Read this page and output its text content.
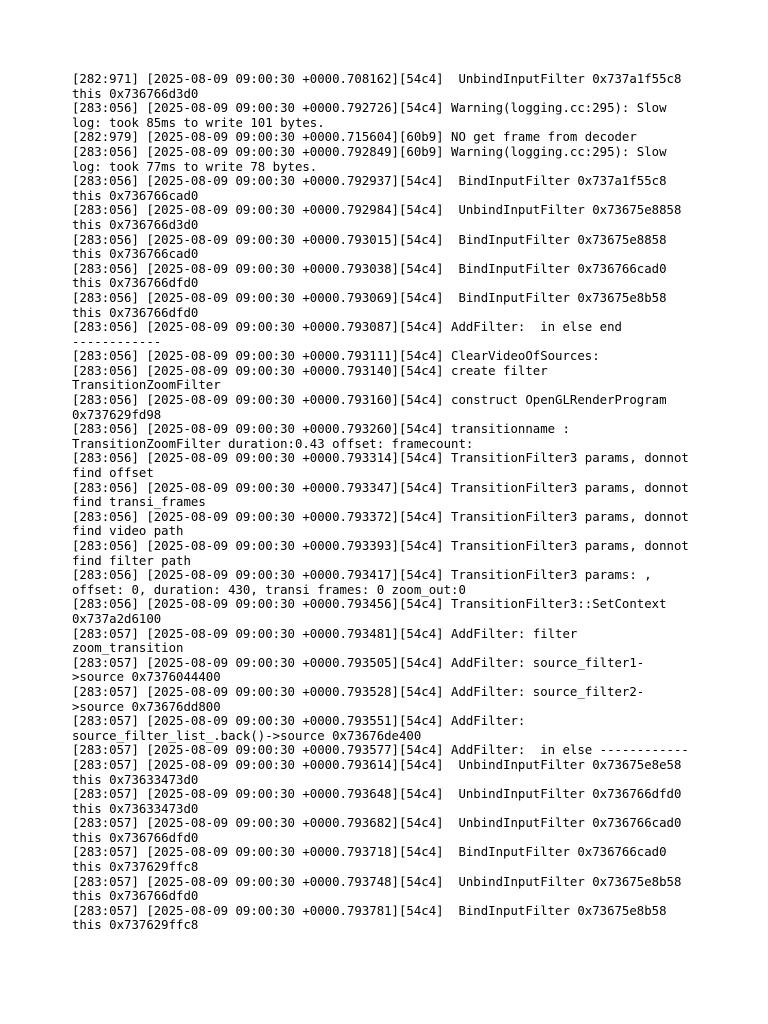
[282:971] [2025-08-09 09:00:30 +0000.708162][54c4]  UnbindInputFilter 0x737a1f55c8
this 0x736766d3d0
[283:056] [2025-08-09 09:00:30 +0000.792726][54c4] Warning(logging.cc:295): Slow
log: took 85ms to write 101 bytes.
[282:979] [2025-08-09 09:00:30 +0000.715604][60b9] NO get frame from decoder
[283:056] [2025-08-09 09:00:30 +0000.792849][60b9] Warning(logging.cc:295): Slow
log: took 77ms to write 78 bytes.
[283:056] [2025-08-09 09:00:30 +0000.792937][54c4]  BindInputFilter 0x737a1f55c8
this 0x736766cad0
[283:056] [2025-08-09 09:00:30 +0000.792984][54c4]  UnbindInputFilter 0x73675e8858
this 0x736766d3d0
[283:056] [2025-08-09 09:00:30 +0000.793015][54c4]  BindInputFilter 0x73675e8858
this 0x736766cad0
[283:056] [2025-08-09 09:00:30 +0000.793038][54c4]  BindInputFilter 0x736766cad0
this 0x736766dfd0
[283:056] [2025-08-09 09:00:30 +0000.793069][54c4]  BindInputFilter 0x73675e8b58
this 0x736766dfd0
[283:056] [2025-08-09 09:00:30 +0000.793087][54c4] AddFilter:  in else end
------------
[283:056] [2025-08-09 09:00:30 +0000.793111][54c4] ClearVideoOfSources:
[283:056] [2025-08-09 09:00:30 +0000.793140][54c4] create filter
TransitionZoomFilter
[283:056] [2025-08-09 09:00:30 +0000.793160][54c4] construct OpenGLRenderProgram
0x737629fd98
[283:056] [2025-08-09 09:00:30 +0000.793260][54c4] transitionname :
TransitionZoomFilter duration:0.43 offset: framecount:
[283:056] [2025-08-09 09:00:30 +0000.793314][54c4] TransitionFilter3 params, donnot
find offset
[283:056] [2025-08-09 09:00:30 +0000.793347][54c4] TransitionFilter3 params, donnot
find transi_frames
[283:056] [2025-08-09 09:00:30 +0000.793372][54c4] TransitionFilter3 params, donnot
find video path
[283:056] [2025-08-09 09:00:30 +0000.793393][54c4] TransitionFilter3 params, donnot
find filter path
[283:056] [2025-08-09 09:00:30 +0000.793417][54c4] TransitionFilter3 params: ,
offset: 0, duration: 430, transi frames: 0 zoom_out:0
[283:056] [2025-08-09 09:00:30 +0000.793456][54c4] TransitionFilter3::SetContext
0x737a2d6100
[283:057] [2025-08-09 09:00:30 +0000.793481][54c4] AddFilter: filter
zoom_transition
[283:057] [2025-08-09 09:00:30 +0000.793505][54c4] AddFilter: source_filter1-
>source 0x7376044400
[283:057] [2025-08-09 09:00:30 +0000.793528][54c4] AddFilter: source_filter2-
>source 0x73676dd800
[283:057] [2025-08-09 09:00:30 +0000.793551][54c4] AddFilter:
source_filter_list_.back()->source 0x73676de400
[283:057] [2025-08-09 09:00:30 +0000.793577][54c4] AddFilter:  in else ------------
[283:057] [2025-08-09 09:00:30 +0000.793614][54c4]  UnbindInputFilter 0x73675e8e58
this 0x73633473d0
[283:057] [2025-08-09 09:00:30 +0000.793648][54c4]  UnbindInputFilter 0x736766dfd0
this 0x73633473d0
[283:057] [2025-08-09 09:00:30 +0000.793682][54c4]  UnbindInputFilter 0x736766cad0
this 0x736766dfd0
[283:057] [2025-08-09 09:00:30 +0000.793718][54c4]  BindInputFilter 0x736766cad0
this 0x737629ffc8
[283:057] [2025-08-09 09:00:30 +0000.793748][54c4]  UnbindInputFilter 0x73675e8b58
this 0x736766dfd0
[283:057] [2025-08-09 09:00:30 +0000.793781][54c4]  BindInputFilter 0x73675e8b58
this 0x737629ffc8
